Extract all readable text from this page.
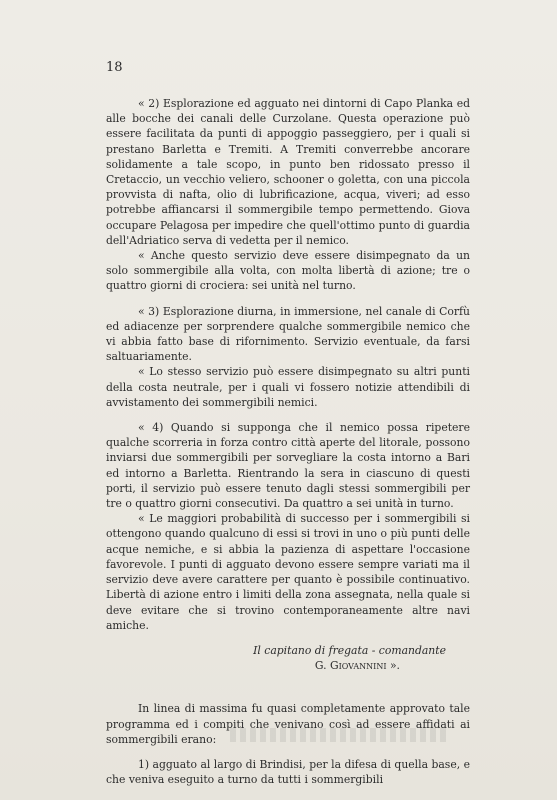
18

« 2) Esplorazione ed agguato nei dintorni di Capo Planka ed alle bocche dei canali delle Curzolane. Questa operazione può essere facilitata da punti di appoggio passeggiero, per i quali si prestano Barletta e Tremiti. A Tremiti converrebbe ancorare solidamente a tale scopo, in punto ben ridossato presso il Cretaccio, un vecchio veliero, schooner o goletta, con una piccola provvista di nafta, olio di lubrificazione, acqua, viveri; ad esso potrebbe affiancarsi il sommergibile tempo permettendo. Giova occupare Pelagosa per impedire che quell'ottimo punto di guardia dell'Adriatico serva di vedetta per il nemico.

« Anche questo servizio deve essere disimpegnato da un solo sommergibile alla volta, con molta libertà di azione; tre o quattro giorni di crociera: sei unità nel turno.

« 3) Esplorazione diurna, in immersione, nel canale di Corfù ed adiacenze per sorprendere qualche sommergibile nemico che vi abbia fatto base di rifornimento. Servizio eventuale, da farsi saltuariamente.

« Lo stesso servizio può essere disimpegnato su altri punti della costa neutrale, per i quali vi fossero notizie attendibili di avvistamento dei sommergibili nemici.

« 4) Quando si supponga che il nemico possa ripetere qualche scorreria in forza contro città aperte del litorale, possono inviarsi due sommergibili per sorvegliare la costa intorno a Bari ed intorno a Barletta. Rientrando la sera in ciascuno di questi porti, il servizio può essere tenuto dagli stessi sommergibili per tre o quattro giorni consecutivi. Da quattro a sei unità in turno.

« Le maggiori probabilità di successo per i sommergibili si ottengono quando qualcuno di essi si trovi in uno o più punti delle acque nemiche, e si abbia la pazienza di aspettare l'occasione favorevole. I punti di agguato devono essere sempre variati ma il servizio deve avere carattere per quanto è possibile continuativo. Libertà di azione entro i limiti della zona assegnata, nella quale si deve evitare che si trovino contemporaneamente altre navi amiche.

Il capitano di fregata - comandante

G. Giovannini ».

In linea di massima fu quasi completamente approvato tale programma ed i compiti che venivano così ad essere affidati ai sommergibili erano:

1) agguato al largo di Brindisi, per la difesa di quella base, e che veniva eseguito a turno da tutti i sommergibili
